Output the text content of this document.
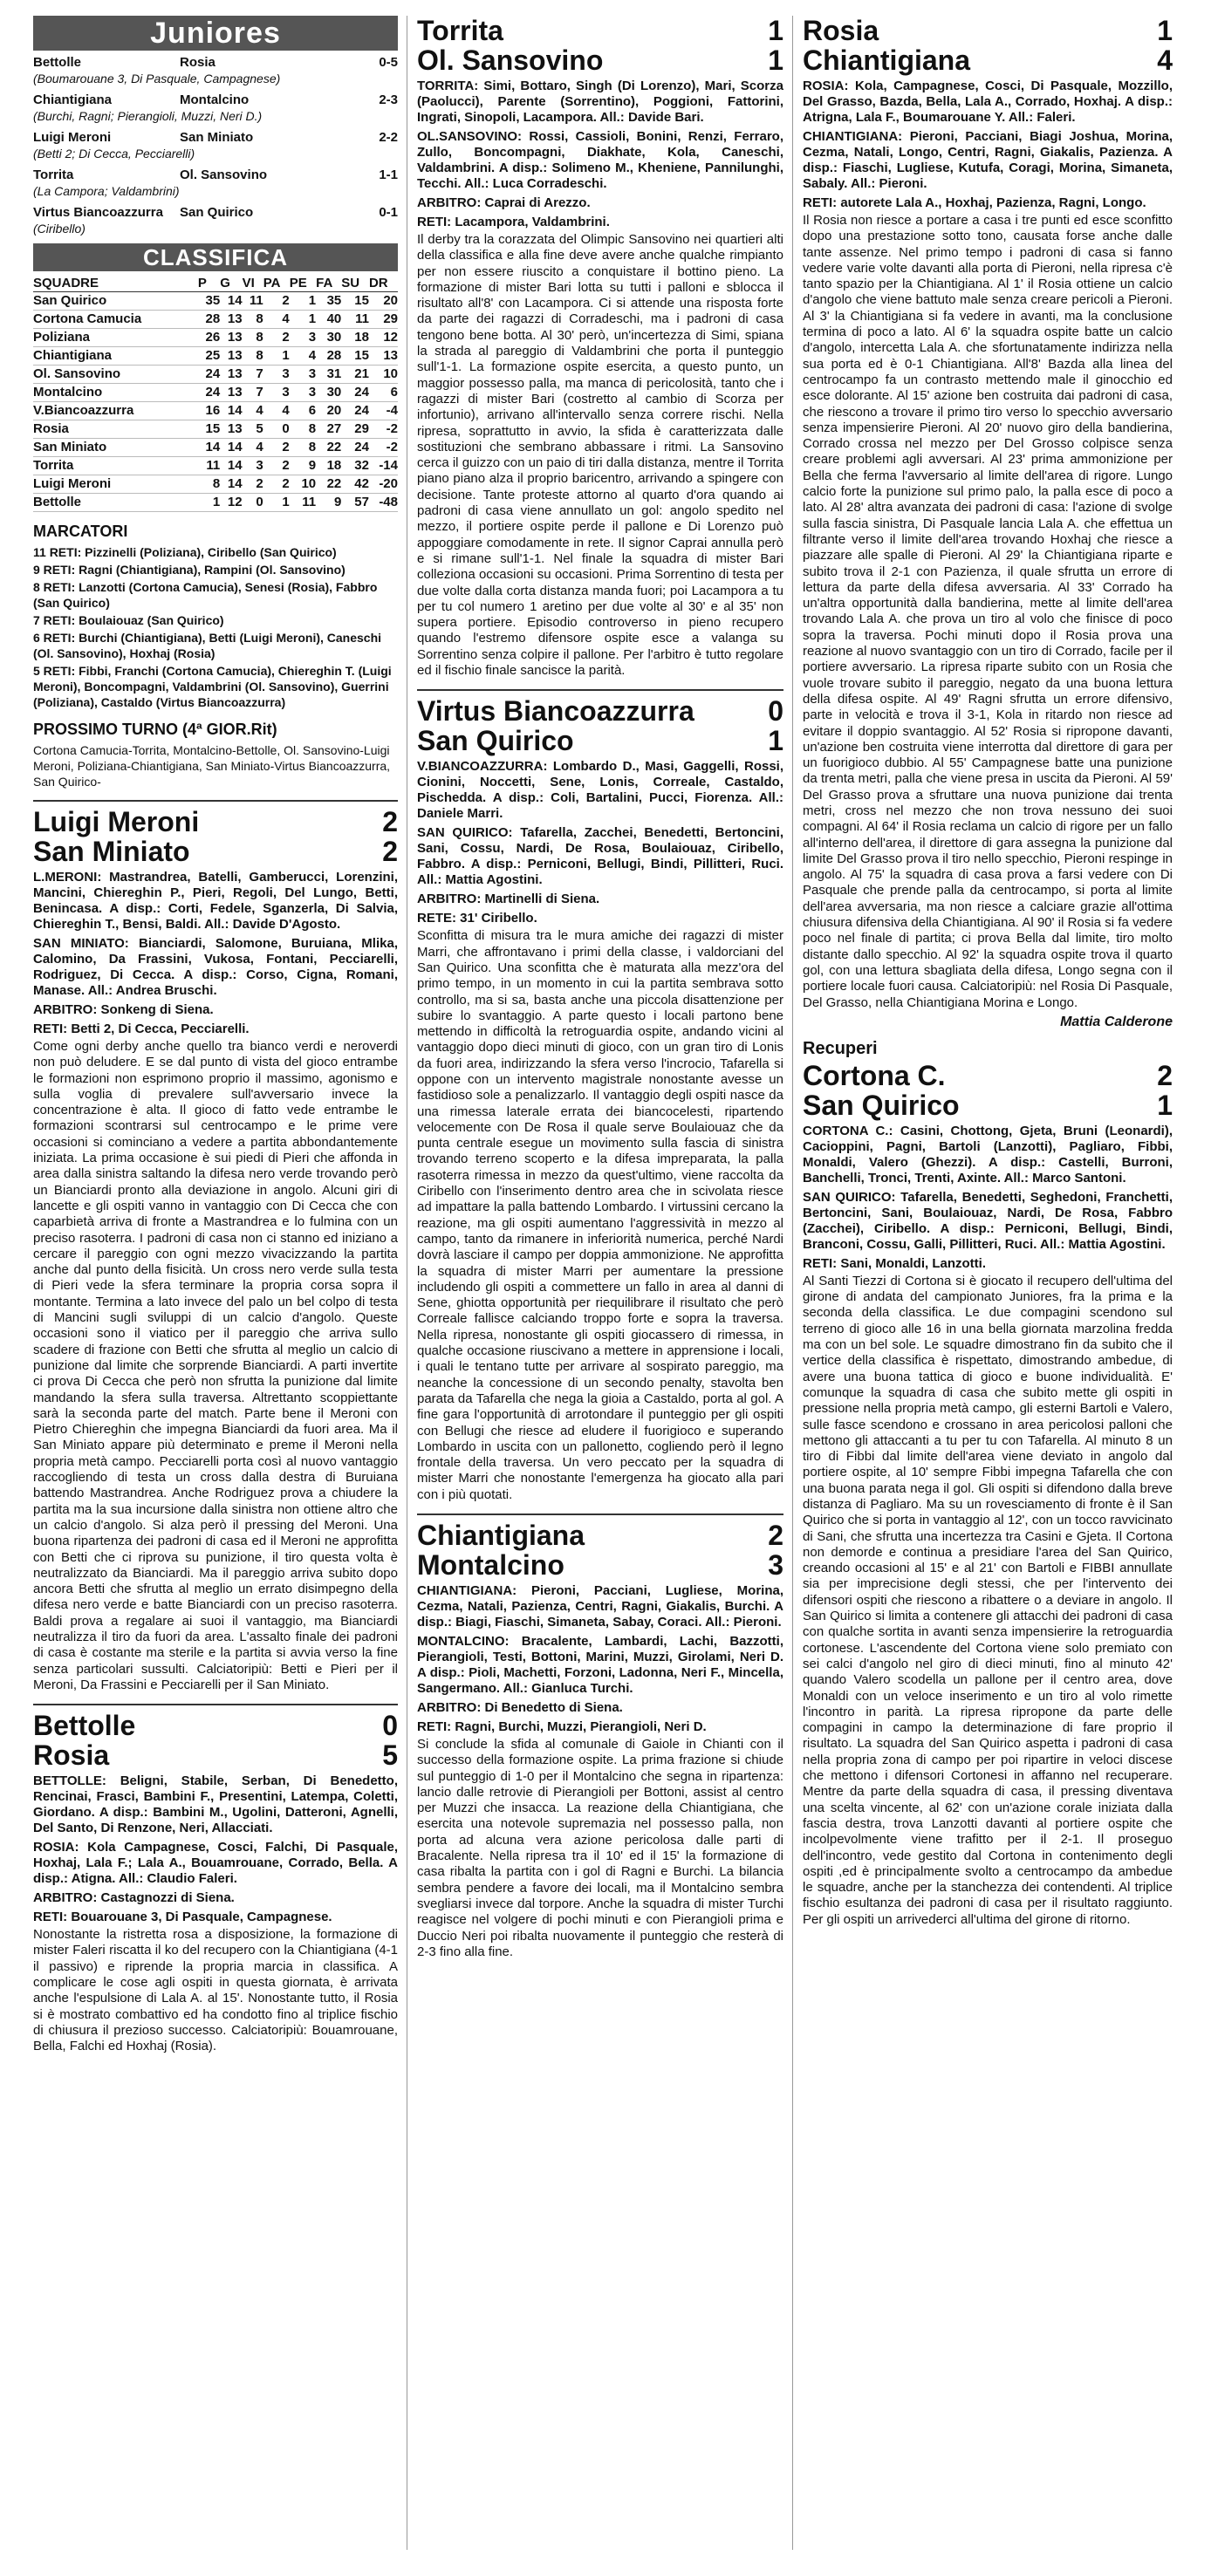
Juniores
Bettolle	Rosia	0-5
(Boumarouane 3, Di Pasquale, Campagnese)
Chiantigiana	Montalcino	2-3
(Burchi, Ragni; Pierangioli, Muzzi, Neri D.)
Luigi Meroni	San Miniato	2-2
(Betti 2; Di Cecca, Pecciarelli)
Torrita	Ol. Sansovino	1-1
(La Campora; Valdambrini)
Virtus Biancoazzurra	San Quirico	0-1
(Ciribello)
CLASSIFICA
SQUADRE	P	G	VI	PA	PE	FA	SU	DR
San Quirico	35	14	11	2	1	35	15	20
Cortona Camucia	28	13	8	4	1	40	11	29
Poliziana	26	13	8	2	3	30	18	12
Chiantigiana	25	13	8	1	4	28	15	13
Ol. Sansovino	24	13	7	3	3	31	21	10
Montalcino	24	13	7	3	3	30	24	6
V.Biancoazzurra	16	14	4	4	6	20	24	-4
Rosia	15	13	5	0	8	27	29	-2
San Miniato	14	14	4	2	8	22	24	-2
Torrita	11	14	3	2	9	18	32	-14
Luigi Meroni	8	14	2	2	10	22	42	-20
Bettolle	1	12	0	1	11	9	57	-48
MARCATORI
11 RETI: Pizzinelli (Poliziana), Ciribello (San Quirico)
9 RETI: Ragni (Chiantigiana), Rampini (Ol. Sansovino)
8 RETI: Lanzotti (Cortona Camucia), Senesi (Rosia), Fabbro (San Quirico)
7 RETI: Boulaiouaz (San Quirico)
6 RETI: Burchi (Chiantigiana), Betti (Luigi Meroni), Caneschi (Ol. Sansovino), Hoxhaj (Rosia)
5 RETI: Fibbi, Franchi (Cortona Camucia), Chiereghin T. (Luigi Meroni), Boncompagni, Valdambrini (Ol. Sansovino), Guerrini (Poliziana), Castaldo (Virtus Biancoazzurra)
PROSSIMO TURNO (4ª GIOR.Rit)
Cortona Camucia-Torrita, Montalcino-Bettolle, Ol. Sansovino-Luigi Meroni, Poliziana-Chiantigiana, San Miniato-Virtus Biancoazzurra, San Quirico-
Luigi Meroni	2
San Miniato	2
L.MERONI: Mastrandrea, Batelli, Gamberucci, Lorenzini, Mancini, Chiereghin P., Pieri, Regoli, Del Lungo, Betti, Benincasa. A disp.: Corti, Fedele, Sganzerla, Di Salvia, Chiereghin T., Bensi, Baldi. All.: Davide D'Agosto.
SAN MINIATO: Bianciardi, Salomone, Buruiana, Mlika, Calomino, Da Frassini, Vukosa, Fontani, Pecciarelli, Rodriguez, Di Cecca. A disp.: Corso, Cigna, Romani, Manase. All.: Andrea Bruschi.
ARBITRO: Sonkeng di Siena.
RETI: Betti 2, Di Cecca, Pecciarelli.
Come ogni derby anche quello tra bianco verdi e neroverdi non può deludere. E se dal punto di vista del gioco entrambe le formazioni non esprimono proprio il massimo, agonismo e sulla voglia di prevalere sull'avversario invece la concentrazione è alta. Il gioco di fatto vede entrambe le formazioni scontrarsi sul centrocampo e le prime vere occasioni si cominciano a vedere a partita abbondantemente iniziata. La prima occasione è sui piedi di Pieri che affonda in area dalla sinistra saltando la difesa nero verde trovando però un Bianciardi pronto alla deviazione in angolo. Alcuni giri di lancette e gli ospiti vanno in vantaggio con Di Cecca che con caparbietà arriva di fronte a Mastrandrea e lo fulmina con un preciso rasoterra. I padroni di casa non ci stanno ed iniziano a cercare il pareggio con ogni mezzo vivacizzando la partita anche dal punto della fisicità. Un cross nero verde sulla testa di Pieri vede la sfera terminare la propria corsa sopra il montante. Termina a lato invece del palo un bel colpo di testa di Mancini sugli sviluppi di un calcio d'angolo. Queste occasioni sono il viatico per il pareggio che arriva sullo scadere di frazione con Betti che sfrutta al meglio un calcio di punizione dal limite che sorprende Bianciardi. A parti invertite ci prova Di Cecca che però non sfrutta la punizione dal limite mandando la sfera sulla traversa. Altrettanto scoppiettante sarà la seconda parte del match. Parte bene il Meroni con Pietro Chiereghin che impegna Bianciardi da fuori area. Ma il San Miniato appare più determinato e preme il Meroni nella propria metà campo. Pecciarelli porta così al nuovo vantaggio raccogliendo di testa un cross dalla destra di Buruiana battendo Mastrandrea. Anche Rodriguez prova a chiudere la partita ma la sua incursione dalla sinistra non ottiene altro che un calcio d'angolo. Si alza però il pressing del Meroni. Una buona ripartenza dei padroni di casa ed il Meroni ne approfitta con Betti che ci riprova su punizione, il tiro questa volta è neutralizzato da Bianciardi. Ma il pareggio arriva subito dopo ancora Betti che sfrutta al meglio un errato disimpegno della difesa nero verde e batte Bianciardi con un preciso rasoterra. Baldi prova a regalare ai suoi il vantaggio, ma Bianciardi neutralizza il tiro da fuori da area. L'assalto finale dei padroni di casa è costante ma sterile e la partita si avvia verso la fine senza particolari sussulti. Calciatoripiù: Betti e Pieri per il Meroni, Da Frassini e Pecciarelli per il San Miniato.
Bettolle	0
Rosia	5
BETTOLLE: Beligni, Stabile, Serban, Di Benedetto, Rencinai, Frasci, Bambini F., Presentini, Latempa, Coletti, Giordano. A disp.: Bambini M., Ugolini, Datteroni, Agnelli, Del Santo, Di Renzone, Neri, Allacciati.
ROSIA: Kola Campagnese, Cosci, Falchi, Di Pasquale, Hoxhaj, Lala F.; Lala A., Bouamrouane, Corrado, Bella. A disp.: Atigna. All.: Claudio Faleri.
ARBITRO: Castagnozzi di Siena.
RETI: Bouarouane 3, Di Pasquale, Campagnese.
Nonostante la ristretta rosa a disposizione, la formazione di mister Faleri riscatta il ko del recupero con la Chiantigiana (4-1 il passivo) e riprende la propria marcia in classifica. A complicare le cose agli ospiti in questa giornata, è arrivata anche l'espulsione di Lala A. al 15'. Nonostante tutto, il Rosia si è mostrato combattivo ed ha condotto fino al triplice fischio di chiusura il prezioso successo. Calciatoripiù: Bouamrouane, Bella, Falchi ed Hoxhaj (Rosia).
Torrita	1
Ol. Sansovino	1
TORRITA: Simi, Bottaro, Singh (Di Lorenzo), Mari, Scorza (Paolucci), Parente (Sorrentino), Poggioni, Fattorini, Ingrati, Sinopoli, Lacampora. All.: Davide Bari.
OL.SANSOVINO: Rossi, Cassioli, Bonini, Renzi, Ferraro, Zullo, Boncompagni, Diakhate, Kola, Caneschi, Valdambrini. A disp.: Solimeno M., Kheniene, Pannilunghi, Tecchi. All.: Luca Corradeschi.
ARBITRO: Caprai di Arezzo.
RETI: Lacampora, Valdambrini.
Il derby tra la corazzata del Olimpic Sansovino nei quartieri alti della classifica e alla fine deve avere anche qualche rimpianto per non essere riuscito a conquistare il bottino pieno. La formazione di mister Bari lotta su tutti i palloni e sblocca il risultato all'8' con Lacampora. Ci si attende una risposta forte da parte dei ragazzi di Corradeschi, ma i padroni di casa tengono bene botta. Al 30' però, un'incertezza di Simi, spiana la strada al pareggio di Valdambrini che porta il punteggio sull'1-1. La formazione ospite esercita, a questo punto, un maggior possesso palla, ma manca di pericolosità, tanto che i ragazzi di mister Bari (costretto al cambio di Scorza per infortunio), arrivano all'intervallo senza correre rischi. Nella ripresa, soprattutto in avvio, la sfida è caratterizzata dalle sostituzioni che sembrano abbassare i ritmi. La Sansovino cerca il guizzo con un paio di tiri dalla distanza, mentre il Torrita piano piano alza il proprio baricentro, arrivando a spingere con decisione. Tante proteste attorno al quarto d'ora quando ai padroni di casa viene annullato un gol: angolo spedito nel mezzo, il portiere ospite perde il pallone e Di Lorenzo può appoggiare comodamente in rete. Il signor Caprai annulla però e si rimane sull'1-1. Nel finale la squadra di mister Bari colleziona occasioni su occasioni. Prima Sorrentino di testa per due volte dalla corta distanza manda fuori; poi Lacampora a tu per tu col numero 1 aretino per due volte al 30' e al 35' non supera portiere. Episodio controverso in pieno recupero quando l'estremo difensore ospite esce a valanga su Sorrentino senza colpire il pallone. Per l'arbitro è tutto regolare ed il fischio finale sancisce la parità.
Virtus Biancoazzurra	0
San Quirico	1
V.BIANCOAZZURRA: Lombardo D., Masi, Gaggelli, Rossi, Cionini, Noccetti, Sene, Lonis, Correale, Castaldo, Pischedda. A disp.: Coli, Bartalini, Pucci, Fiorenza. All.: Daniele Marri.
SAN QUIRICO: Tafarella, Zacchei, Benedetti, Bertoncini, Sani, Cossu, Nardi, De Rosa, Boulaiouaz, Ciribello, Fabbro. A disp.: Perniconi, Bellugi, Bindi, Pillitteri, Ruci. All.: Mattia Agostini.
ARBITRO: Martinelli di Siena.
RETE: 31' Ciribello.
Sconfitta di misura tra le mura amiche dei ragazzi di mister Marri, che affrontavano i primi della classe, i valdorciani del San Quirico. Una sconfitta che è maturata alla mezz'ora del primo tempo, in un momento in cui la partita sembrava sotto controllo, ma si sa, basta anche una piccola disattenzione per subire lo svantaggio. A parte questo i locali partono bene mettendo in difficoltà la retroguardia ospite, andando vicini al vantaggio dopo dieci minuti di gioco, con un gran tiro di Lonis da fuori area, indirizzando la sfera verso l'incrocio, Tafarella si oppone con un intervento magistrale nonostante avesse un fastidioso sole a penalizzarlo. Il vantaggio degli ospiti nasce da una rimessa laterale errata dei biancocelesti, ripartendo velocemente con De Rosa il quale serve Boulaiouaz che da punta centrale esegue un movimento sulla fascia di sinistra trovando terreno scoperto e la difesa impreparata, la palla rasoterra rimessa in mezzo da quest'ultimo, viene raccolta da Ciribello con l'inserimento dentro area che in scivolata riesce ad impattare la palla battendo Lombardo. I virtussini cercano la reazione, ma gli ospiti aumentano l'aggressività in mezzo al campo, tanto da rimanere in inferiorità numerica, perché Nardi dovrà lasciare il campo per doppia ammonizione. Ne approfitta la squadra di mister Marri per aumentare la pressione includendo gli ospiti a commettere un fallo in area al danni di Sene, ghiotta opportunità per riequilibrare il risultato che però Correale fallisce calciando troppo forte e sopra la traversa. Nella ripresa, nonostante gli ospiti giocassero di rimessa, in qualche occasione riuscivano a mettere in apprensione i locali, i quali le tentano tutte per arrivare al sospirato pareggio, ma neanche la concessione di un secondo penalty, stavolta ben parata da Tafarella che nega la gioia a Castaldo, porta al gol. A fine gara l'opportunità di arrotondare il punteggio per gli ospiti con Bellugi che riesce ad eludere il fuorigioco e superando Lombardo in uscita con un pallonetto, cogliendo però il legno frontale della traversa. Un vero peccato per la squadra di mister Marri che nonostante l'emergenza ha giocato alla pari con i più quotati.
Chiantigiana	2
Montalcino	3
CHIANTIGIANA: Pieroni, Pacciani, Lugliese, Morina, Cezma, Natali, Pazienza, Centri, Ragni, Giakalis, Burchi. A disp.: Biagi, Fiaschi, Simaneta, Sabay, Coraci. All.: Pieroni.
MONTALCINO: Bracalente, Lambardi, Lachi, Bazzotti, Pierangioli, Testi, Bottoni, Marini, Muzzi, Girolami, Neri D. A disp.: Pioli, Machetti, Forzoni, Ladonna, Neri F., Mincella, Sangermano. All.: Gianluca Turchi.
ARBITRO: Di Benedetto di Siena.
RETI: Ragni, Burchi, Muzzi, Pierangioli, Neri D.
Si conclude la sfida al comunale di Gaiole in Chianti con il successo della formazione ospite. La prima frazione si chiude sul punteggio di 1-0 per il Montalcino che segna in ripartenza: lancio dalle retrovie di Pierangioli per Bottoni, assist al centro per Muzzi che insacca. La reazione della Chiantigiana, che esercita una notevole supremazia nel possesso palla, non porta ad alcuna vera azione pericolosa dalle parti di Bracalente. Nella ripresa tra il 10' ed il 15' la formazione di casa ribalta la partita con i gol di Ragni e Burchi. La bilancia sembra pendere a favore dei locali, ma il Montalcino sembra svegliarsi invece dal torpore. Anche la squadra di mister Turchi reagisce nel volgere di pochi minuti e con Pierangioli prima e Duccio Neri poi ribalta nuovamente il punteggio che resterà di 2-3 fino alla fine.
Rosia	1
Chiantigiana	4
ROSIA: Kola, Campagnese, Cosci, Di Pasquale, Mozzillo, Del Grasso, Bazda, Bella, Lala A., Corrado, Hoxhaj. A disp.: Atrigna, Lala F., Boumarouane Y. All.: Faleri.
CHIANTIGIANA: Pieroni, Pacciani, Biagi Joshua, Morina, Cezma, Natali, Longo, Centri, Ragni, Giakalis, Pazienza. A disp.: Fiaschi, Lugliese, Kutufa, Coragi, Morina, Simaneta, Sabaly. All.: Pieroni.
RETI: autorete Lala A., Hoxhaj, Pazienza, Ragni, Longo.
Il Rosia non riesce a portare a casa i tre punti ed esce sconfitto dopo una prestazione sotto tono, causata forse anche dalle tante assenze. Nel primo tempo i padroni di casa si fanno vedere varie volte davanti alla porta di Pieroni, nella ripresa c'è tanto spazio per la Chiantigiana. Al 1' il Rosia ottiene un calcio d'angolo che viene battuto male senza creare pericoli a Pieroni. Al 3' la Chiantigiana si fa vedere in avanti, ma la conclusione termina di poco a lato. Al 6' la squadra ospite batte un calcio d'angolo, intercetta Lala A. che sfortunatamente indirizza nella sua porta ed è 0-1 Chiantigiana. All'8' Bazda alla linea del centrocampo fa un contrasto mettendo male il ginocchio ed esce dolorante. Al 15' azione ben costruita dai padroni di casa, che riescono a trovare il primo tiro verso lo specchio avversario senza impensierire Pieroni. Al 20' nuovo giro della bandierina, Corrado crossa nel mezzo per Del Grosso colpisce senza creare problemi agli avversari. Al 23' prima ammonizione per Bella che ferma l'avversario al limite dell'area di rigore. Lungo calcio forte la punizione sul primo palo, la palla esce di poco a lato. Al 28' altra avanzata dei padroni di casa: l'azione di svolge sulla fascia sinistra, Di Pasquale lancia Lala A. che effettua un filtrante verso il limite dell'area trovando Hoxhaj che riesce a piazzare alle spalle di Pieroni. Al 29' la Chiantigiana riparte e subito trova il 2-1 con Pazienza, il quale sfrutta un errore di lettura da parte della difesa avversaria. Al 33' Corrado ha un'altra opportunità dalla bandierina, mette al limite dell'area trovando Lala A. che prova un tiro al volo che finisce di poco sopra la traversa. Pochi minuti dopo il Rosia prova una reazione al nuovo svantaggio con un tiro di Corrado, facile per il portiere avversario. La ripresa riparte subito con un Rosia che vuole trovare subito il pareggio, negato da una buona lettura della difesa ospite. Al 49' Ragni sfrutta un errore difensivo, parte in velocità e trova il 3-1, Kola in ritardo non riesce ad evitare il doppio svantaggio. Al 52' Rosia si ripropone davanti, un'azione ben costruita viene interrotta dal direttore di gara per un fuorigioco dubbio. Al 55' Campagnese batte una punizione da trenta metri, palla che viene presa in uscita da Pieroni. Al 59' Del Grasso prova a sfruttare una nuova punizione dai trenta metri, cross nel mezzo che non trova nessuno dei suoi compagni. Al 64' il Rosia reclama un calcio di rigore per un fallo all'interno dell'area, il direttore di gara assegna la punizione dal limite Del Grasso prova il tiro nello specchio, Pieroni respinge in angolo. Al 75' la squadra di casa prova a farsi vedere con Di Pasquale che prende palla da centrocampo, si porta al limite dell'area avversaria, ma non riesce a calciare grazie all'ottima chiusura difensiva della Chiantigiana. Al 90' il Rosia si fa vedere poco nel finale di partita; ci prova Bella dal limite, tiro molto distante dallo specchio. Al 92' la squadra ospite trova il quarto gol, con una lettura sbagliata della difesa, Longo segna con il portiere locale fuori causa. Calciatoripiù: nel Rosia Di Pasquale, Del Grasso, nella Chiantigiana Morina e Longo.
Mattia Calderone
Recuperi
Cortona C.	2
San Quirico	1
CORTONA C.: Casini, Chottong, Gjeta, Bruni (Leonardi), Cacioppini, Pagni, Bartoli (Lanzotti), Pagliaro, Fibbi, Monaldi, Valero (Ghezzi). A disp.: Castelli, Burroni, Banchelli, Tronci, Trenti, Axinte. All.: Marco Santoni.
SAN QUIRICO: Tafarella, Benedetti, Seghedoni, Franchetti, Bertoncini, Sani, Boulaiouaz, Nardi, De Rosa, Fabbro (Zacchei), Ciribello. A disp.: Perniconi, Bellugi, Bindi, Branconi, Cossu, Galli, Pillitteri, Ruci. All.: Mattia Agostini.
RETI: Sani, Monaldi, Lanzotti.
Al Santi Tiezzi di Cortona si è giocato il recupero dell'ultima del girone di andata del campionato Juniores, fra la prima e la seconda della classifica. Le due compagini scendono sul terreno di gioco alle 16 in una bella giornata marzolina fredda ma con un bel sole. Le squadre dimostrano fin da subito che il vertice della classifica è rispettato, dimostrando ambedue, di avere una buona tattica di gioco e buone individualità. E' comunque la squadra di casa che subito mette gli ospiti in pressione nella propria metà campo, gli esterni Bartoli e Valero, sulle fasce scendono e crossano in area pericolosi palloni che mettono gli attaccanti a tu per tu con Tafarella. Al minuto 8 un tiro di Fibbi dal limite dell'area viene deviato in angolo dal portiere ospite, al 10' sempre Fibbi impegna Tafarella che con una buona parata nega il gol. Gli ospiti si difendono dalla breve distanza di Pagliaro. Ma su un rovesciamento di fronte è il San Quirico che si porta in vantaggio al 12', con un tocco ravvicinato di Sani, che sfrutta una incertezza tra Casini e Gjeta. Il Cortona non demorde e continua a presidiare l'area del San Quirico, creando occasioni al 15' e al 21' con Bartoli e FIBBI annullate sia per imprecisione degli stessi, che per l'intervento dei difensori ospiti che riescono a ribattere o a deviare in angolo. Il San Quirico si limita a contenere gli attacchi dei padroni di casa con qualche sortita in avanti senza impensierire la retroguardia cortonese. L'ascendente del Cortona viene solo premiato con sei calci d'angolo nel giro di dieci minuti, fino al minuto 42' quando Valero scodella un pallone per il centro area, dove Monaldi con un veloce inserimento e un tiro al volo rimette l'incontro in parità. La ripresa ripropone da parte delle compagini in campo la determinazione di fare proprio il risultato. La squadra del San Quirico aspetta i padroni di casa nella propria zona di campo per poi ripartire in veloci discese che mettono i difensori Cortonesi in affanno nel recuperare. Mentre da parte della squadra di casa, il pressing diventava una scelta vincente, al 62' con un'azione corale iniziata dalla fascia destra, trova Lanzotti davanti al portiere ospite che incolpevolmente viene trafitto per il 2-1. Il proseguo dell'incontro, vede gestito dal Cortona in contenimento degli ospiti ,ed è principalmente svolto a centrocampo da ambedue le squadre, anche per la stanchezza dei contendenti. Al triplice fischio esultanza dei padroni di casa per il risultato raggiunto. Per gli ospiti un arrivederci all'ultima del girone di ritorno.
